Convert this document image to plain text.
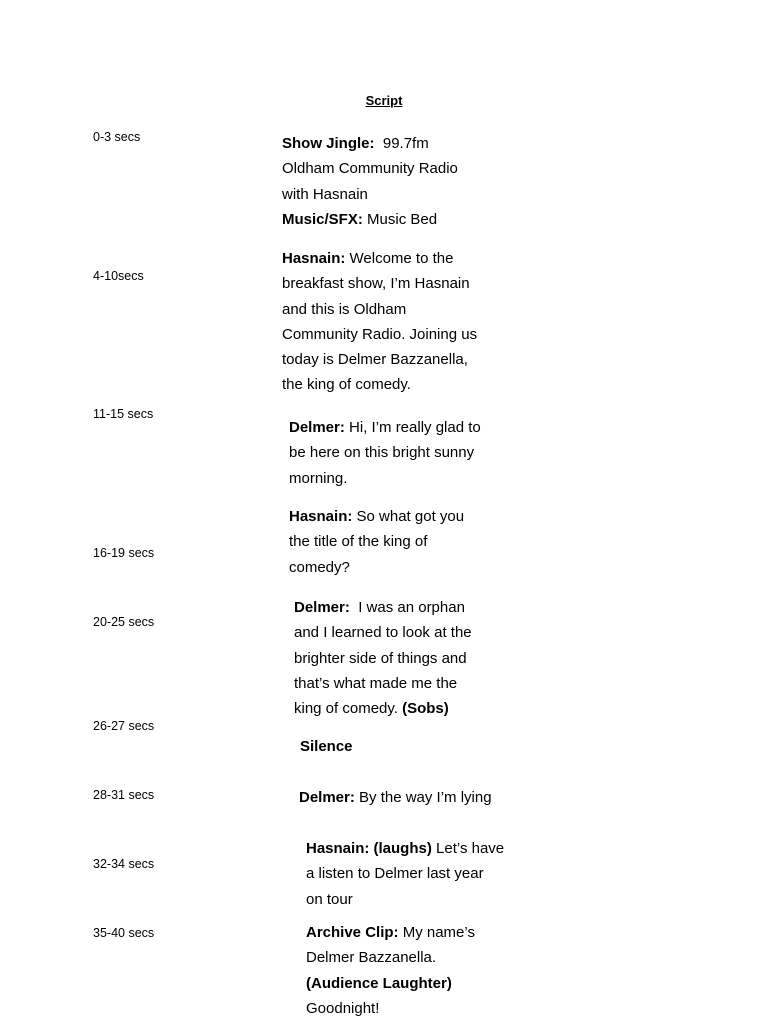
Script
0-3 secs
4-10secs
11-15 secs
16-19 secs
20-25 secs
26-27 secs
28-31 secs
32-34 secs
35-40 secs
Show Jingle:  99.7fm
Oldham Community Radio
with Hasnain
Music/SFX: Music Bed
Hasnain: Welcome to the
breakfast show, I’m Hasnain
and this is Oldham
Community Radio. Joining us
today is Delmer Bazzanella,
the king of comedy.
Delmer: Hi, I’m really glad to
be here on this bright sunny
morning.
Hasnain: So what got you
the title of the king of
comedy?
Delmer:  I was an orphan
and I learned to look at the
brighter side of things and
that’s what made me the
king of comedy. (Sobs)
Silence
Delmer: By the way I’m lying
Hasnain: (laughs) Let’s have
a listen to Delmer last year
on tour
Archive Clip: My name’s
Delmer Bazzanella.
(Audience Laughter)
Goodnight!
